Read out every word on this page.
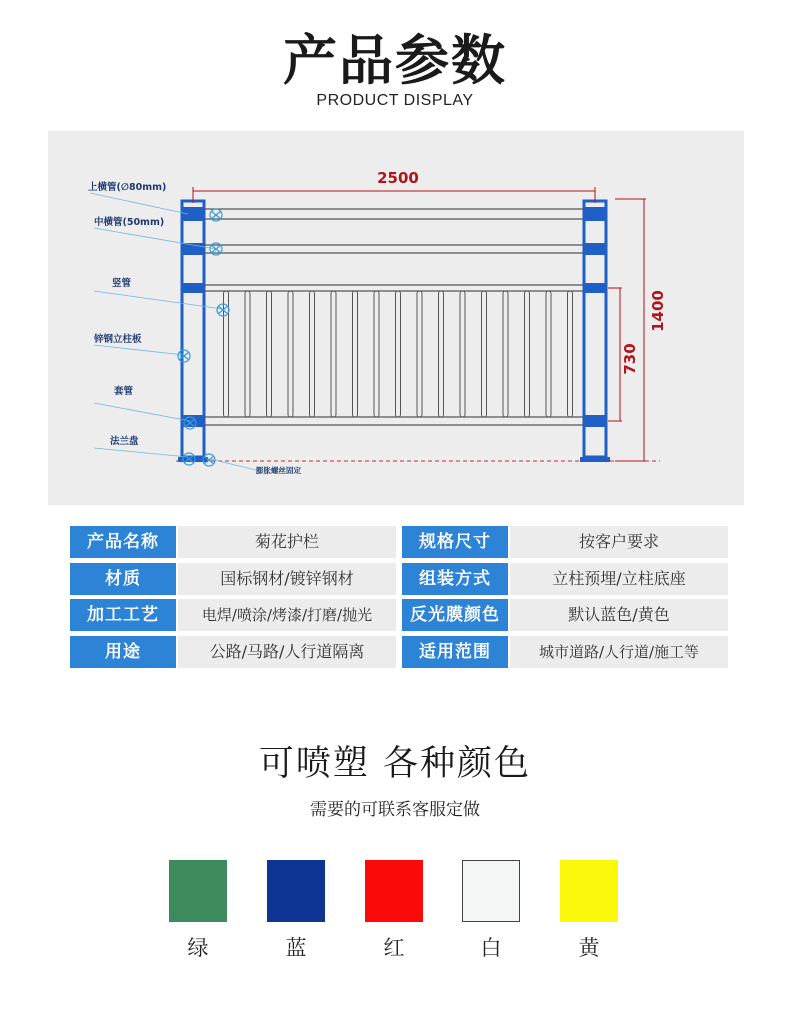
产品参数
PRODUCT DISPLAY
2500
1400
730
上横管(∅80mm)
中横管(50mm)
竖管
锌钢立柱板
套管
法兰盘
膨胀螺丝固定
产品名称	菊花护栏	规格尺寸	按客户要求
材质	国标钢材/镀锌钢材	组装方式	立柱预埋/立柱底座
加工工艺	电焊/喷涂/烤漆/打磨/抛光	反光膜颜色	默认蓝色/黄色
用途	公路/马路/人行道隔离	适用范围	城市道路/人行道/施工等
可喷塑 各种颜色
需要的可联系客服定做
绿	蓝	红	白	黄
